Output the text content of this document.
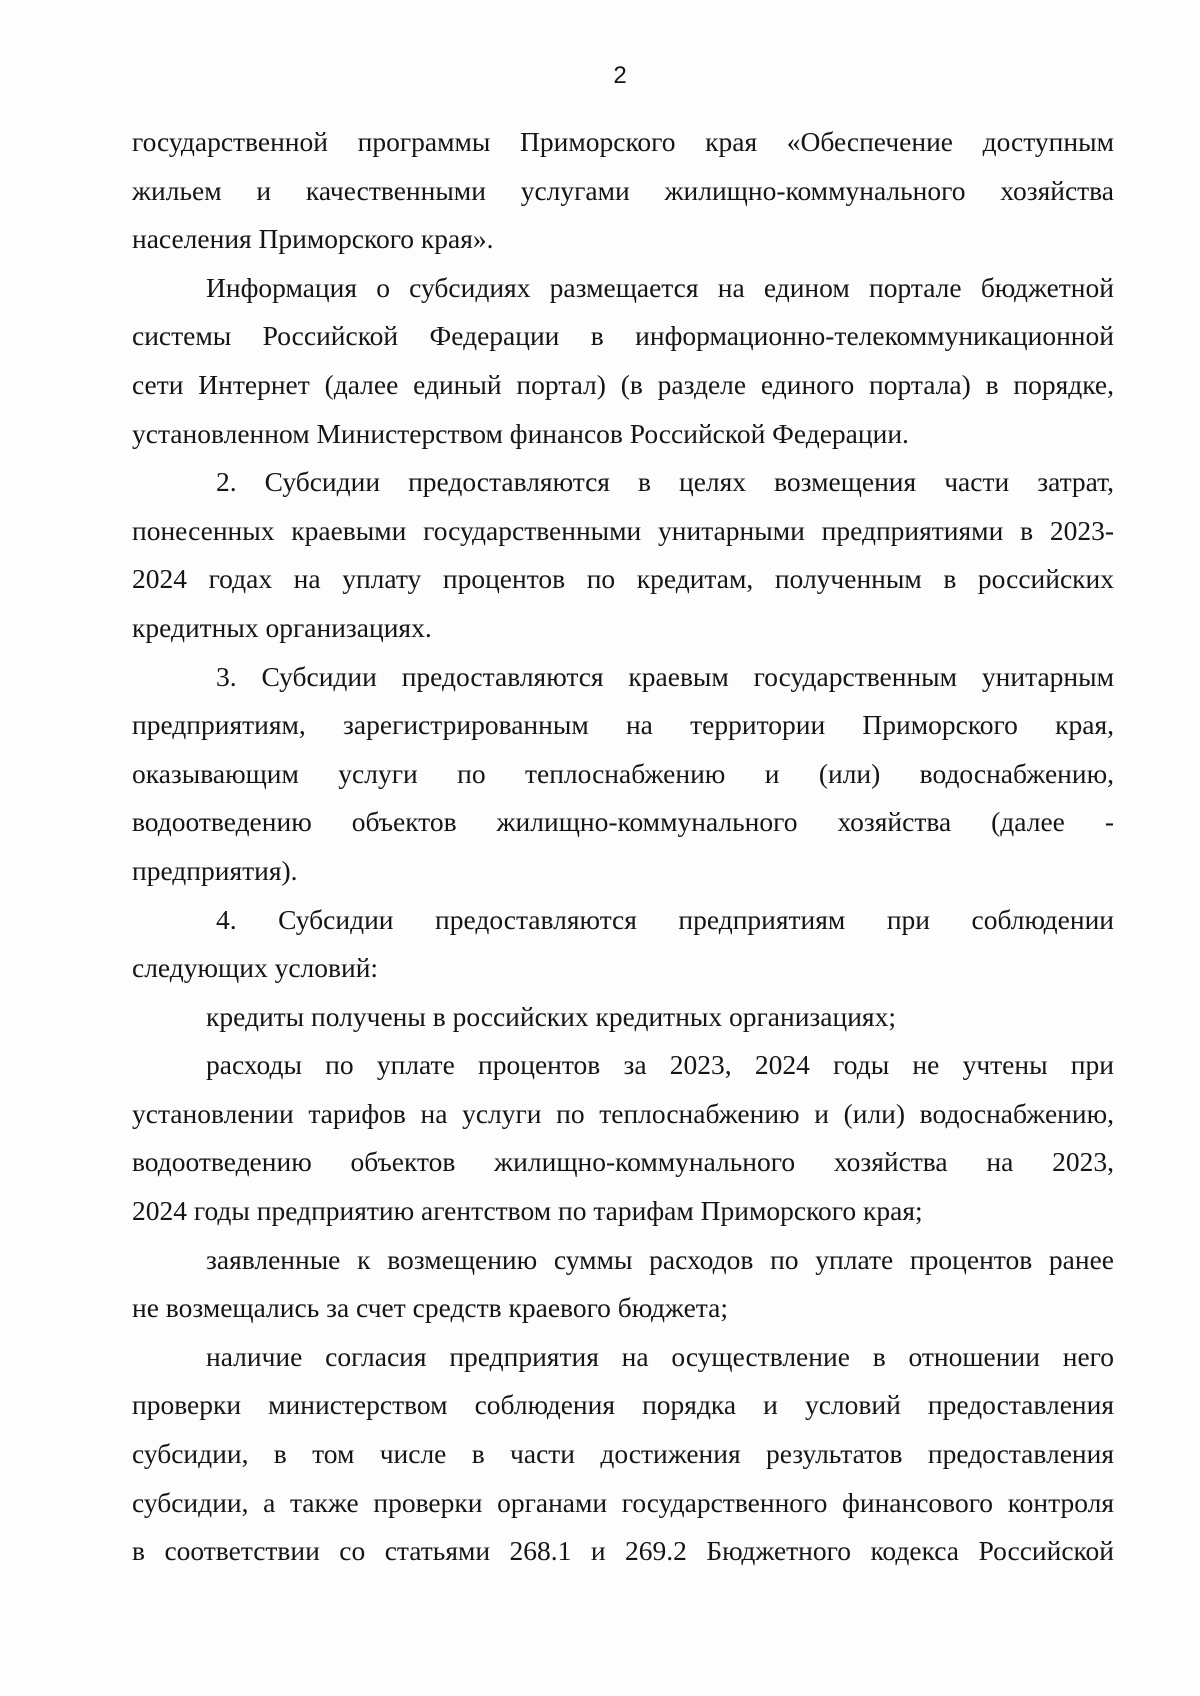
2
государственной программы Приморского края «Обеспечение доступным
жильем и качественными услугами жилищно-коммунального хозяйства
населения Приморского края».
Информация о субсидиях размещается на едином портале бюджетной
системы Российской Федерации в информационно-телекоммуникационной
сети Интернет (далее единый портал) (в разделе единого портала) в порядке,
установленном Министерством финансов Российской Федерации.
2. Субсидии предоставляются в целях возмещения части затрат,
понесенных краевыми государственными унитарными предприятиями в 2023-
2024 годах на уплату процентов по кредитам, полученным в российских
кредитных организациях.
3. Субсидии предоставляются краевым государственным унитарным
предприятиям, зарегистрированным на территории Приморского края,
оказывающим услуги по теплоснабжению и (или) водоснабжению,
водоотведению объектов жилищно-коммунального хозяйства (далее -
предприятия).
4. Субсидии предоставляются предприятиям при соблюдении
следующих условий:
кредиты получены в российских кредитных организациях;
расходы по уплате процентов за 2023, 2024 годы не учтены при
установлении тарифов на услуги по теплоснабжению и (или) водоснабжению,
водоотведению объектов жилищно-коммунального хозяйства на 2023,
2024 годы предприятию агентством по тарифам Приморского края;
заявленные к возмещению суммы расходов по уплате процентов ранее
не возмещались за счет средств краевого бюджета;
наличие согласия предприятия на осуществление в отношении него
проверки министерством соблюдения порядка и условий предоставления
субсидии, в том числе в части достижения результатов предоставления
субсидии, а также проверки органами государственного финансового контроля
в соответствии со статьями 268.1 и 269.2 Бюджетного кодекса Российской
